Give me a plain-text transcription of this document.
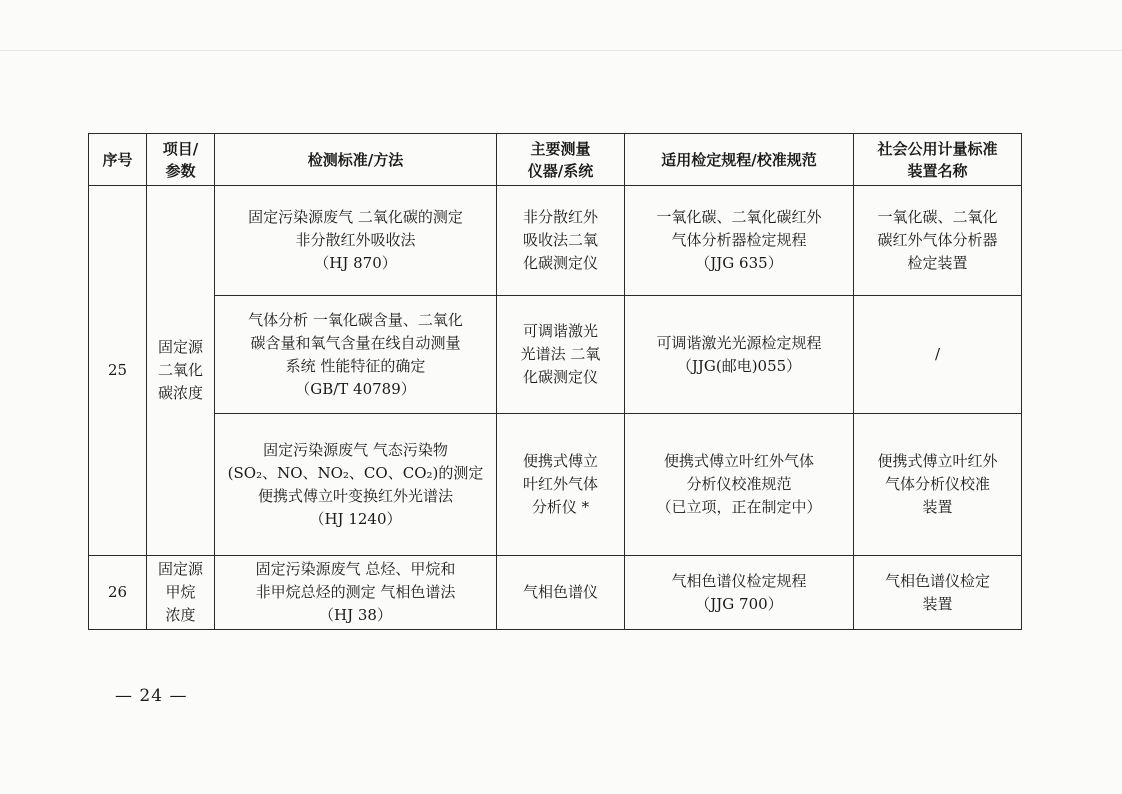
序号	项目/
参数	检测标准/方法	主要测量
仪器/系统	适用检定规程/校准规范	社会公用计量标准
装置名称

25	固定源
二氧化
碳浓度	固定污染源废气 二氧化碳的测定
非分散红外吸收法
（HJ 870）	非分散红外
吸收法二氧
化碳测定仪	一氧化碳、二氧化碳红外
气体分析器检定规程
（JJG 635）	一氧化碳、二氧化
碳红外气体分析器
检定装置

		气体分析 一氧化碳含量、二氧化
碳含量和氧气含量在线自动测量
系统 性能特征的确定
（GB/T 40789）	可调谐激光
光谱法 二氧
化碳测定仪	可调谐激光光源检定规程
（JJG(邮电)055）	/

		固定污染源废气 气态污染物
(SO₂、NO、NO₂、CO、CO₂)的测定
便携式傅立叶变换红外光谱法
（HJ 1240）	便携式傅立
叶红外气体
分析仪 *	便携式傅立叶红外气体
分析仪校准规范
（已立项，正在制定中）	便携式傅立叶红外
气体分析仪校准
装置

26	固定源
甲烷
浓度	固定污染源废气 总烃、甲烷和
非甲烷总烃的测定 气相色谱法
（HJ 38）	气相色谱仪	气相色谱仪检定规程
（JJG 700）	气相色谱仪检定
装置
— 24 —
